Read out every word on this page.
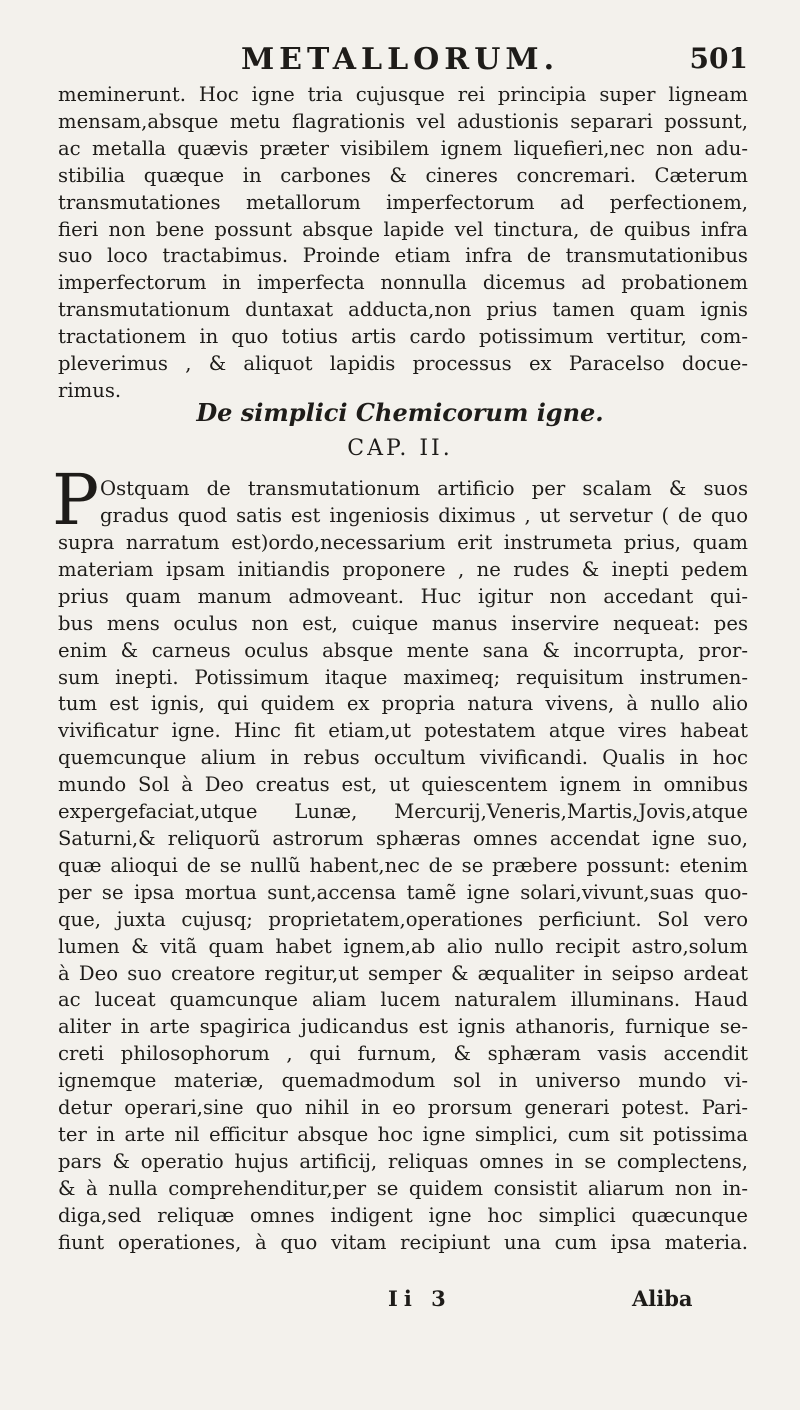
METALLORUM.	501
meminerunt. Hoc igne tria cujusque rei principia super ligneam
mensam,absque metu flagrationis vel adustionis separari possunt,
ac metalla quævis præter visibilem ignem liquefieri,nec non adu-
stibilia quæque in carbones & cineres concremari. Cæterum
transmutationes metallorum imperfectorum ad perfectionem,
fieri non bene possunt absque lapide vel tinctura, de quibus infra
suo loco tractabimus. Proinde etiam infra de transmutationibus
imperfectorum in imperfecta nonnulla dicemus ad probationem
transmutationum duntaxat adducta,non prius tamen quam ignis
tractationem in quo totius artis cardo potissimum vertitur, com-
pleverimus , & aliquot lapidis processus ex Paracelso docue-
rimus.
De simplici Chemicorum igne.
CAP. II.
P Ostquam de transmutationum artificio per scalam & suos
gradus quod satis est ingeniosis diximus , ut servetur ( de quo
supra narratum est)ordo,necessarium erit instrumeta prius, quam
materiam ipsam initiandis proponere , ne rudes & inepti pedem
prius quam manum admoveant. Huc igitur non accedant qui-
bus mens oculus non est, cuique manus inservire nequeat: pes
enim & carneus oculus absque mente sana & incorrupta, pror-
sum inepti. Potissimum itaque maximeq; requisitum instrumen-
tum est ignis, qui quidem ex propria natura vivens, à nullo alio
vivificatur igne. Hinc fit etiam,ut potestatem atque vires habeat
quemcunque alium in rebus occultum vivificandi. Qualis in hoc
mundo Sol à Deo creatus est, ut quiescentem ignem in omnibus
expergefaciat,utque Lunæ, Mercurij,Veneris,Martis,Jovis,atque
Saturni,& reliquorũ astrorum sphæras omnes accendat igne suo,
quæ alioqui de se nullũ habent,nec de se præbere possunt: etenim
per se ipsa mortua sunt,accensa tamẽ igne solari,vivunt,suas quo-
que, juxta cujusq; proprietatem,operationes perficiunt. Sol vero
lumen & vitã quam habet ignem,ab alio nullo recipit astro,solum
à Deo suo creatore regitur,ut semper & æqualiter in seipso ardeat
ac luceat quamcunque aliam lucem naturalem illuminans. Haud
aliter in arte spagirica judicandus est ignis athanoris, furnique se-
creti philosophorum , qui furnum, & sphæram vasis accendit
ignemque materiæ, quemadmodum sol in universo mundo vi-
detur operari,sine quo nihil in eo prorsum generari potest. Pari-
ter in arte nil efficitur absque hoc igne simplici, cum sit potissima
pars & operatio hujus artificij, reliquas omnes in se complectens,
& à nulla comprehenditur,per se quidem consistit aliarum non in-
diga,sed reliquæ omnes indigent igne hoc simplici quæcunque
fiunt operationes, à quo vitam recipiunt una cum ipsa materia.
Ii 3	Aliba
